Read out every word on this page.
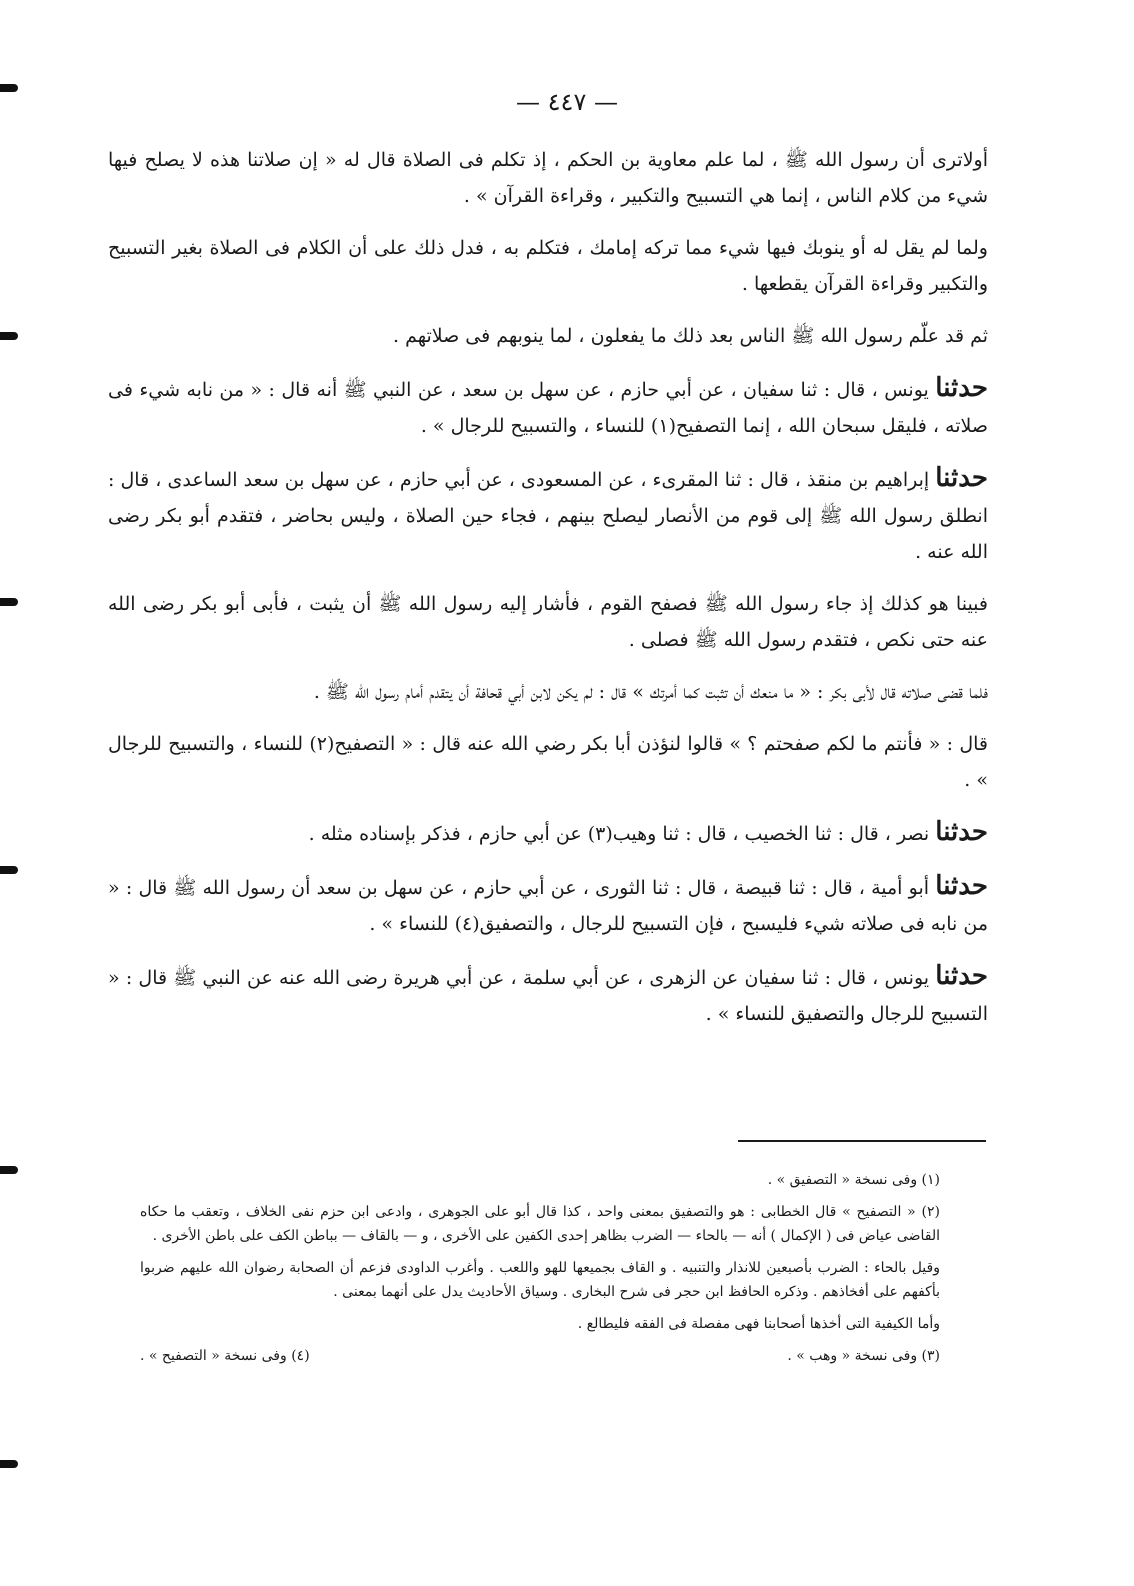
— ٤٤٧ —

أولاترى أن رسول الله ﷺ ، لما علم معاوية بن الحكم ، إذ تكلم فى الصلاة قال له « إن صلاتنا هذه لا يصلح فيها شيء من كلام الناس ، إنما هي التسبيح والتكبير ، وقراءة القرآن » .

ولما لم يقل له أو ينوبك فيها شيء مما تركه إمامك ، فتكلم به ، فدل ذلك على أن الكلام فى الصلاة بغير التسبيح والتكبير وقراءة القرآن يقطعها .

ثم قد علّم رسول الله ﷺ الناس بعد ذلك ما يفعلون ، لما ينوبهم فى صلاتهم .

حدثنا يونس ، قال : ثنا سفيان ، عن أبي حازم ، عن سهل بن سعد ، عن النبي ﷺ أنه قال : « من نابه شيء فى صلاته ، فليقل سبحان الله ، إنما التصفيح(١) للنساء ، والتسبيح للرجال » .

حدثنا إبراهيم بن منقذ ، قال : ثنا المقرىء ، عن المسعودى ، عن أبي حازم ، عن سهل بن سعد الساعدى ، قال : انطلق رسول الله ﷺ إلى قوم من الأنصار ليصلح بينهم ، فجاء حين الصلاة ، وليس بحاضر ، فتقدم أبو بكر رضى الله عنه .

فبينا هو كذلك إذ جاء رسول الله ﷺ فصفح القوم ، فأشار إليه رسول الله ﷺ أن يثبت ، فأبى أبو بكر رضى الله عنه حتى نكص ، فتقدم رسول الله ﷺ فصلى .

فلما قضى صلاته قال لأبى بكر : « ما منعك أن تثبت كما أمرتك » قال : لم يكن لابن أبي قحافة أن يتقدم أمام رسول الله ﷺ .

قال : « فأنتم ما لكم صفحتم ؟ » قالوا لنؤذن أبا بكر رضي الله عنه قال : « التصفيح(٢) للنساء ، والتسبيح للرجال » .

حدثنا نصر ، قال : ثنا الخصيب ، قال : ثنا وهيب(٣) عن أبي حازم ، فذكر بإسناده مثله .

حدثنا أبو أمية ، قال : ثنا قبيصة ، قال : ثنا الثورى ، عن أبي حازم ، عن سهل بن سعد أن رسول الله ﷺ قال : « من نابه فى صلاته شيء فليسبح ، فإن التسبيح للرجال ، والتصفيق(٤) للنساء » .

حدثنا يونس ، قال : ثنا سفيان عن الزهرى ، عن أبي سلمة ، عن أبي هريرة رضى الله عنه عن النبي ﷺ قال : « التسبيح للرجال والتصفيق للنساء » .

(١) وفى نسخة « التصفيق » .

(٢) « التصفيح » قال الخطابى : هو والتصفيق بمعنى واحد ، كذا قال أبو على الجوهرى ، وادعى ابن حزم نفى الخلاف ، وتعقب ما حكاه القاضى عياض فى ( الإكمال ) أنه — بالحاء — الضرب بظاهر إحدى الكفين على الأخرى ، و — بالقاف — بباطن الكف على باطن الأخرى .

وقيل بالحاء : الضرب بأصبعين للانذار والتنبيه . و القاف بجميعها للهو واللعب . وأغرب الداودى فزعم أن الصحابة رضوان الله عليهم ضربوا بأكفهم على أفخاذهم . وذكره الحافظ ابن حجر فى شرح البخارى . وسياق الأحاديث يدل على أنهما بمعنى .

وأما الكيفية التى أخذها أصحابنا فهى مفصلة فى الفقه فليطالع .

(٣) وفى نسخة « وهب » .

(٤) وفى نسخة « التصفيح » .
